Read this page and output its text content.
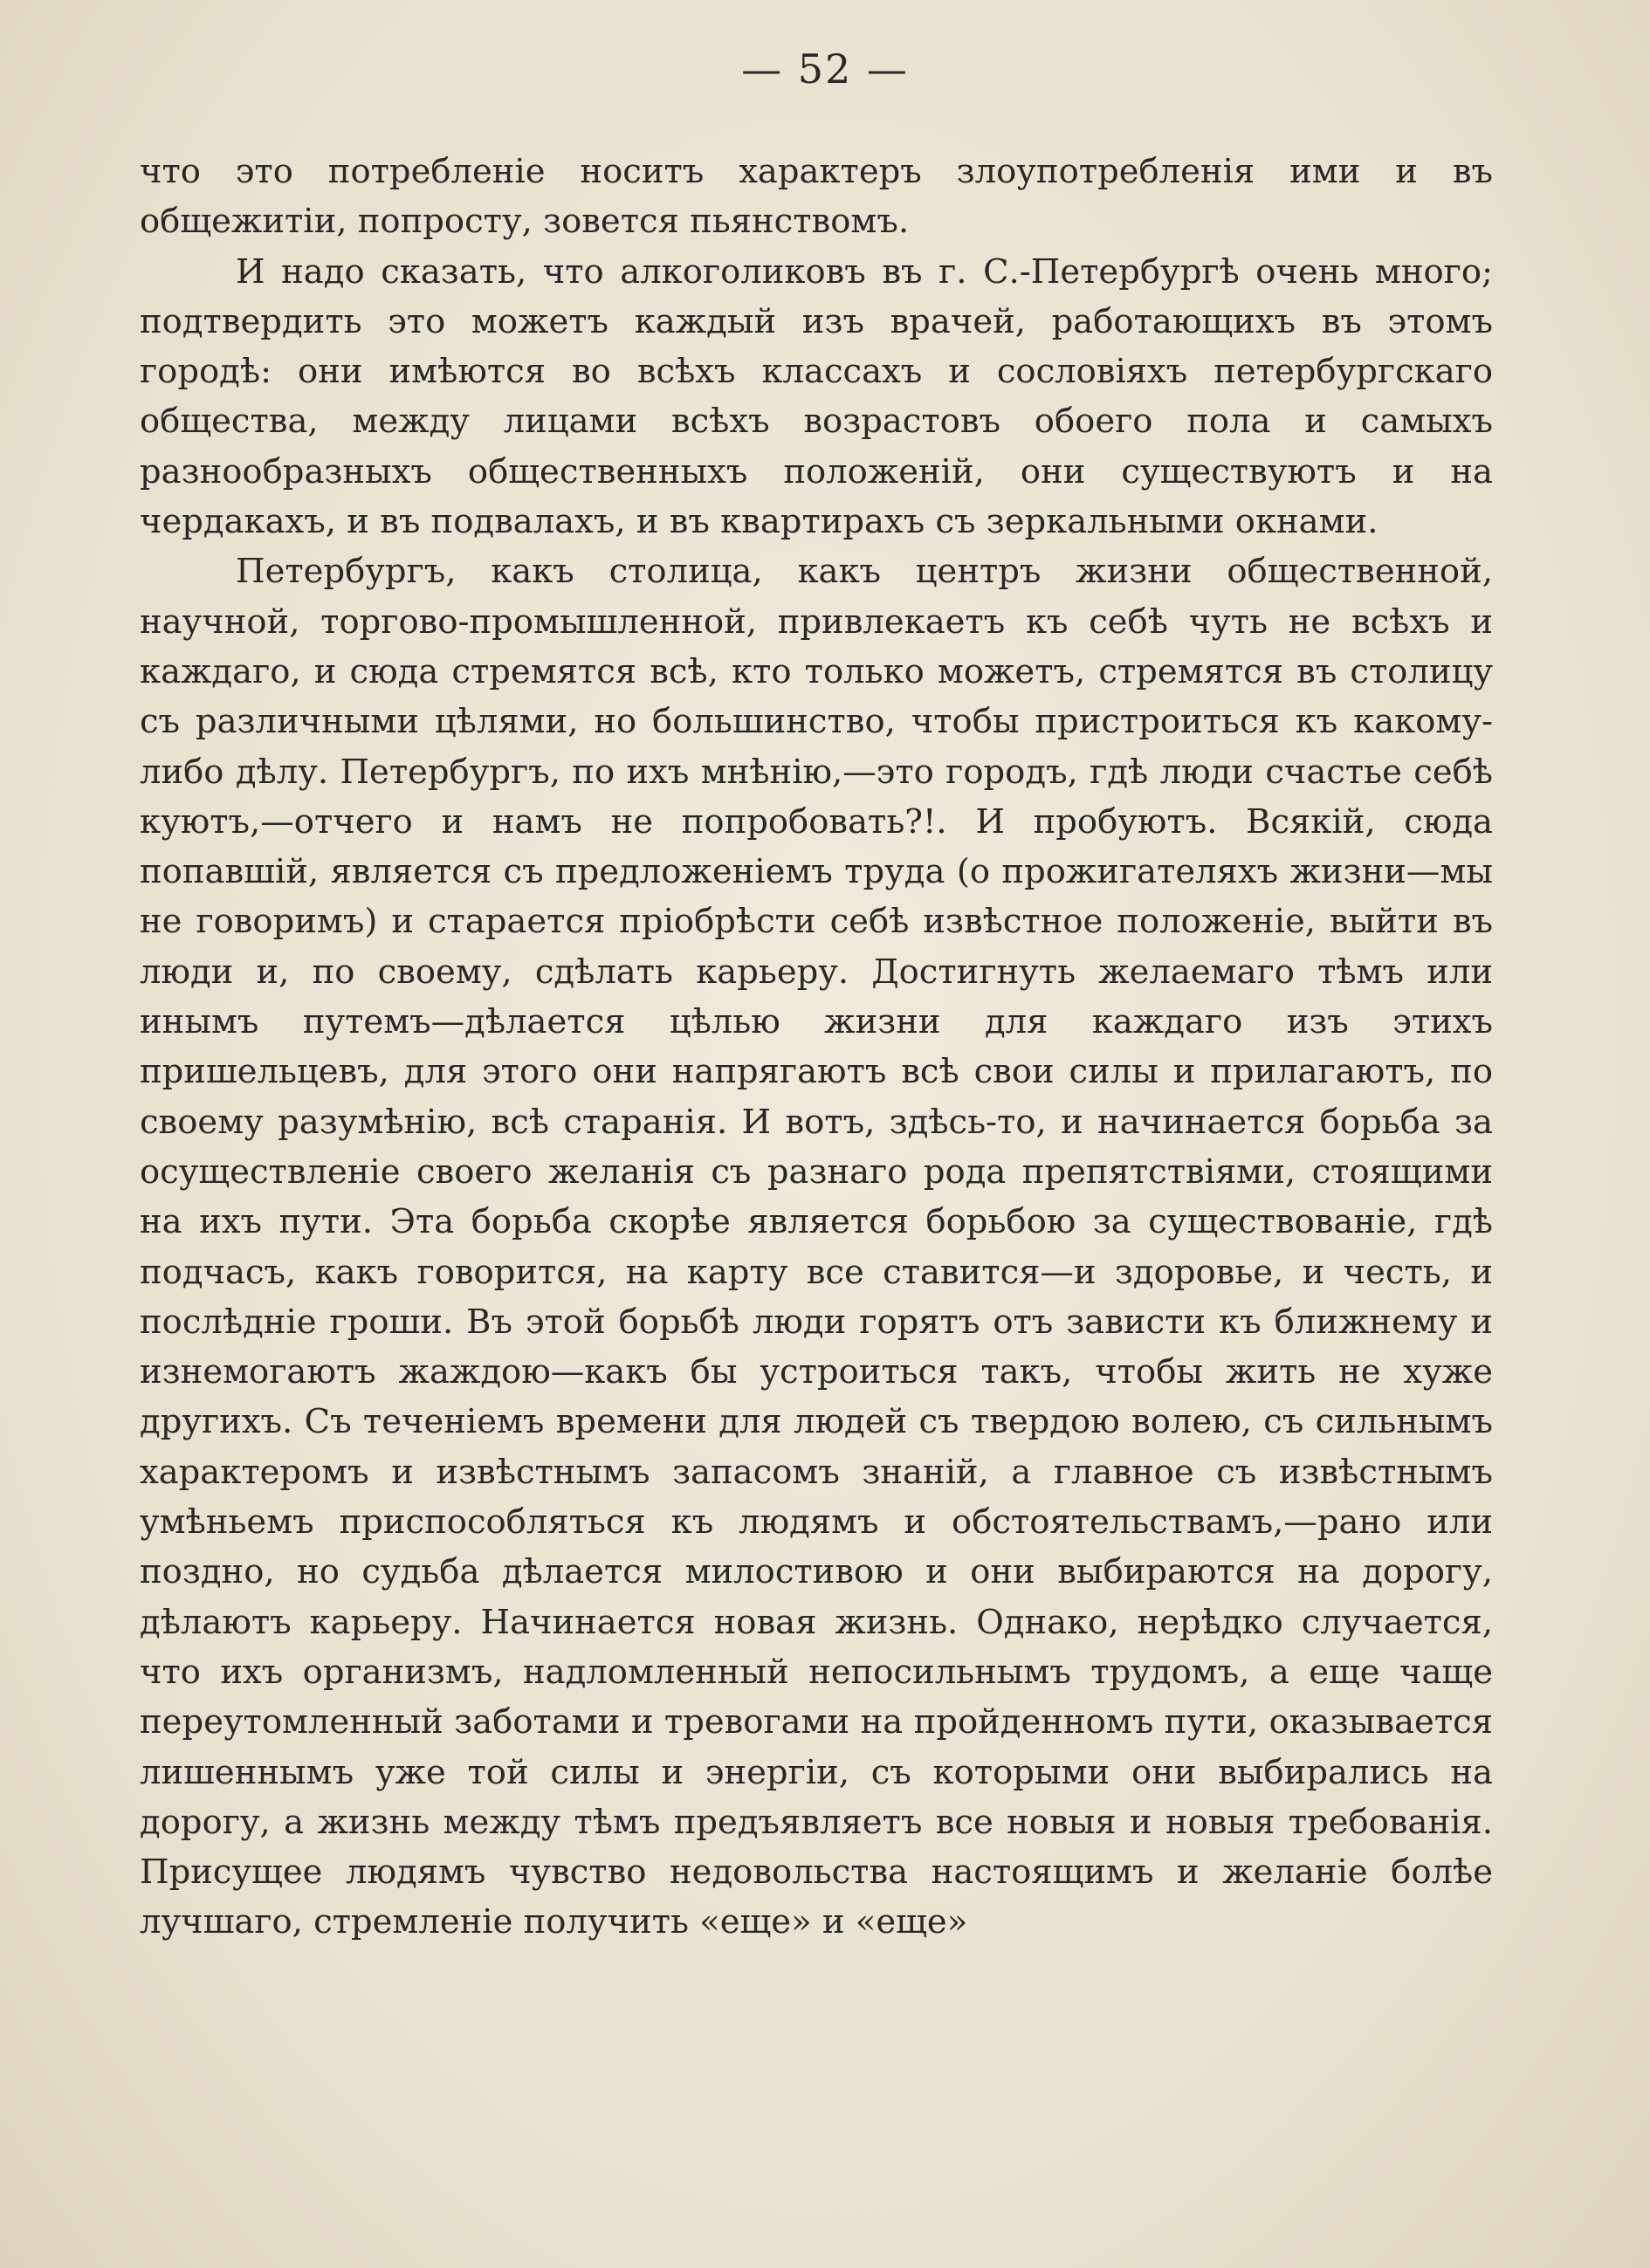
— 52 —

что это потребленіе носитъ характеръ злоупотребленія ими и въ общежитіи, попросту, зовется пьянствомъ.

И надо сказать, что алкоголиковъ въ г. С.-Петербургѣ очень много; подтвердить это можетъ каждый изъ врачей, работающихъ въ этомъ городѣ: они имѣются во всѣхъ классахъ и сословіяхъ петербургскаго общества, между лицами всѣхъ возрастовъ обоего пола и самыхъ разнообразныхъ общественныхъ положеній, они существуютъ и на чердакахъ, и въ подвалахъ, и въ квартирахъ съ зеркальными окнами.

Петербургъ, какъ столица, какъ центръ жизни общественной, научной, торгово-промышленной, привлекаетъ къ себѣ чуть не всѣхъ и каждаго, и сюда стремятся всѣ, кто только можетъ, стремятся въ столицу съ различными цѣлями, но большинство, чтобы пристроиться къ какому-либо дѣлу. Петербургъ, по ихъ мнѣнію,—это городъ, гдѣ люди счастье себѣ куютъ,—отчего и намъ не попробовать?!. И пробуютъ. Всякій, сюда попавшій, является съ предложеніемъ труда (о прожигателяхъ жизни—мы не говоримъ) и старается пріобрѣсти себѣ извѣстное положеніе, выйти въ люди и, по своему, сдѣлать карьеру. Достигнуть желаемаго тѣмъ или инымъ путемъ—дѣлается цѣлью жизни для каждаго изъ этихъ пришельцевъ, для этого они напрягаютъ всѣ свои силы и прилагаютъ, по своему разумѣнію, всѣ старанія. И вотъ, здѣсь-то, и начинается борьба за осуществленіе своего желанія съ разнаго рода препятствіями, стоящими на ихъ пути. Эта борьба скорѣе является борьбою за существованіе, гдѣ подчасъ, какъ говорится, на карту все ставится—и здоровье, и честь, и послѣдніе гроши. Въ этой борьбѣ люди горятъ отъ зависти къ ближнему и изнемогаютъ жаждою—какъ бы устроиться такъ, чтобы жить не хуже другихъ. Съ теченіемъ времени для людей съ твердою волею, съ сильнымъ характеромъ и извѣстнымъ запасомъ знаній, а главное съ извѣстнымъ умѣньемъ приспособляться къ людямъ и обстоятельствамъ,—рано или поздно, но судьба дѣлается милостивою и они выбираются на дорогу, дѣлаютъ карьеру. Начинается новая жизнь. Однако, нерѣдко случается, что ихъ организмъ, надломленный непосильнымъ трудомъ, а еще чаще переутомленный заботами и тревогами на пройденномъ пути, оказывается лишеннымъ уже той силы и энергіи, съ которыми они выбирались на дорогу, а жизнь между тѣмъ предъявляетъ все новыя и новыя требованія. Присущее людямъ чувство недовольства настоящимъ и желаніе болѣе лучшаго, стремленіе получить «еще» и «еще»
